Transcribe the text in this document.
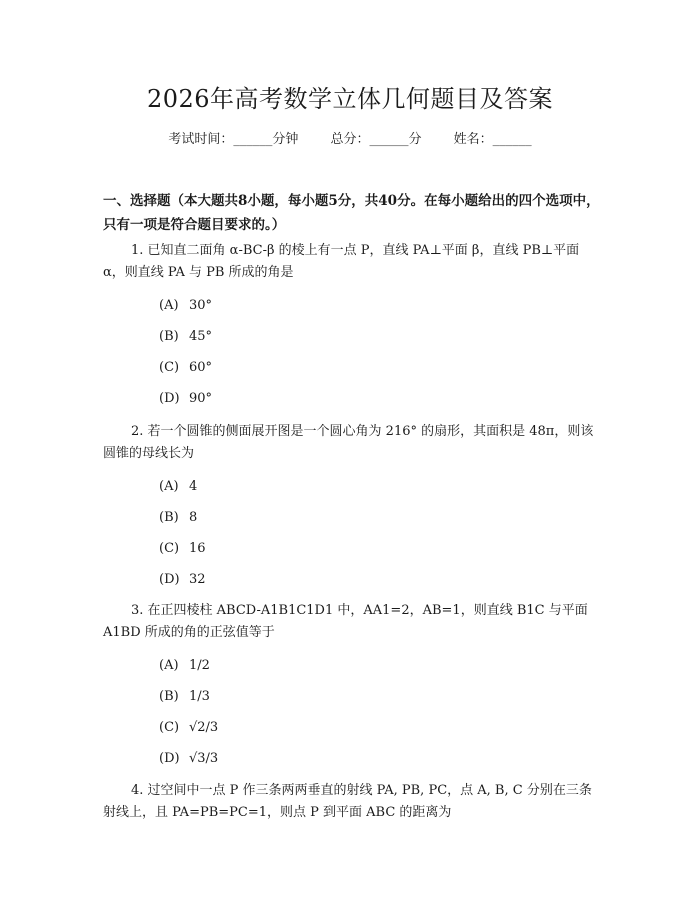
2026年高考数学立体几何题目及答案
考试时间：______分钟 总分：______分 姓名：______
一、选择题（本大题共8小题，每小题5分，共40分。在每小题给出的四个选项中，只有一项是符合题目要求的。）
1. 已知直二面角 α-BC-β 的棱上有一点 P，直线 PA⊥平面 β，直线 PB⊥平面 α，则直线 PA 与 PB 所成的角是
(A) 30°
(B) 45°
(C) 60°
(D) 90°
2. 若一个圆锥的侧面展开图是一个圆心角为 216° 的扇形，其面积是 48π，则该圆锥的母线长为
(A) 4
(B) 8
(C) 16
(D) 32
3. 在正四棱柱 ABCD-A1B1C1D1 中，AA1=2，AB=1，则直线 B1C 与平面 A1BD 所成的角的正弦值等于
(A) 1/2
(B) 1/3
(C) √2/3
(D) √3/3
4. 过空间中一点 P 作三条两两垂直的射线 PA, PB, PC，点 A, B, C 分别在三条射线上，且 PA=PB=PC=1，则点 P 到平面 ABC 的距离为
